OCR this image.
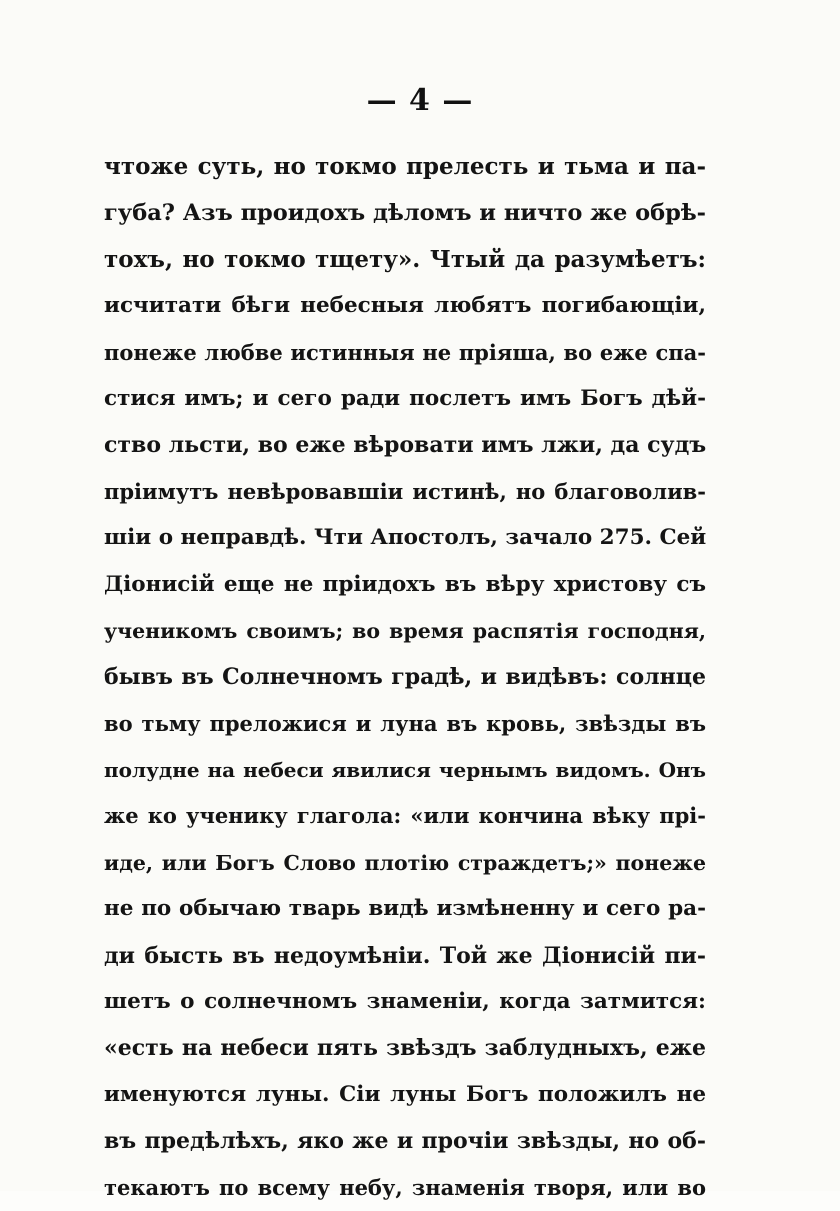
— 4 —
чтоже суть, но токмо прелесть и тьма и па-
губа? Азъ проидохъ дѣломъ и ничто же обрѣ-
тохъ, но токмо тщету». Чтый да разумѣетъ:
исчитати бѣги небесныя любятъ погибающіи,
понеже любве истинныя не пріяша, во еже спа-
стися имъ; и сего ради послетъ имъ Богъ дѣй-
ство льсти, во еже вѣровати имъ лжи, да судъ
пріимутъ невѣровавшіи истинѣ, но благоволив-
шіи о неправдѣ. Чти Апостолъ, зачало 275. Сей
Діонисій еще не пріидохъ въ вѣру христову съ
ученикомъ своимъ; во время распятія господня,
бывъ въ Солнечномъ градѣ, и видѣвъ: солнце
во тьму преложися и луна въ кровь, звѣзды въ
полудне на небеси явилися чернымъ видомъ. Онъ
же ко ученику глагола: «или кончина вѣку прі-
иде, или Богъ Слово плотію страждетъ;» понеже
не по обычаю тварь видѣ измѣненну и сего ра-
ди бысть въ недоумѣніи. Той же Діонисій пи-
шетъ о солнечномъ знаменіи, когда затмится:
«есть на небеси пять звѣздъ заблудныхъ, еже
именуются луны. Сіи луны Богъ положилъ не
въ предѣлѣхъ, яко же и прочіи звѣзды, но об-
текаютъ по всему небу, знаменія творя, или во
